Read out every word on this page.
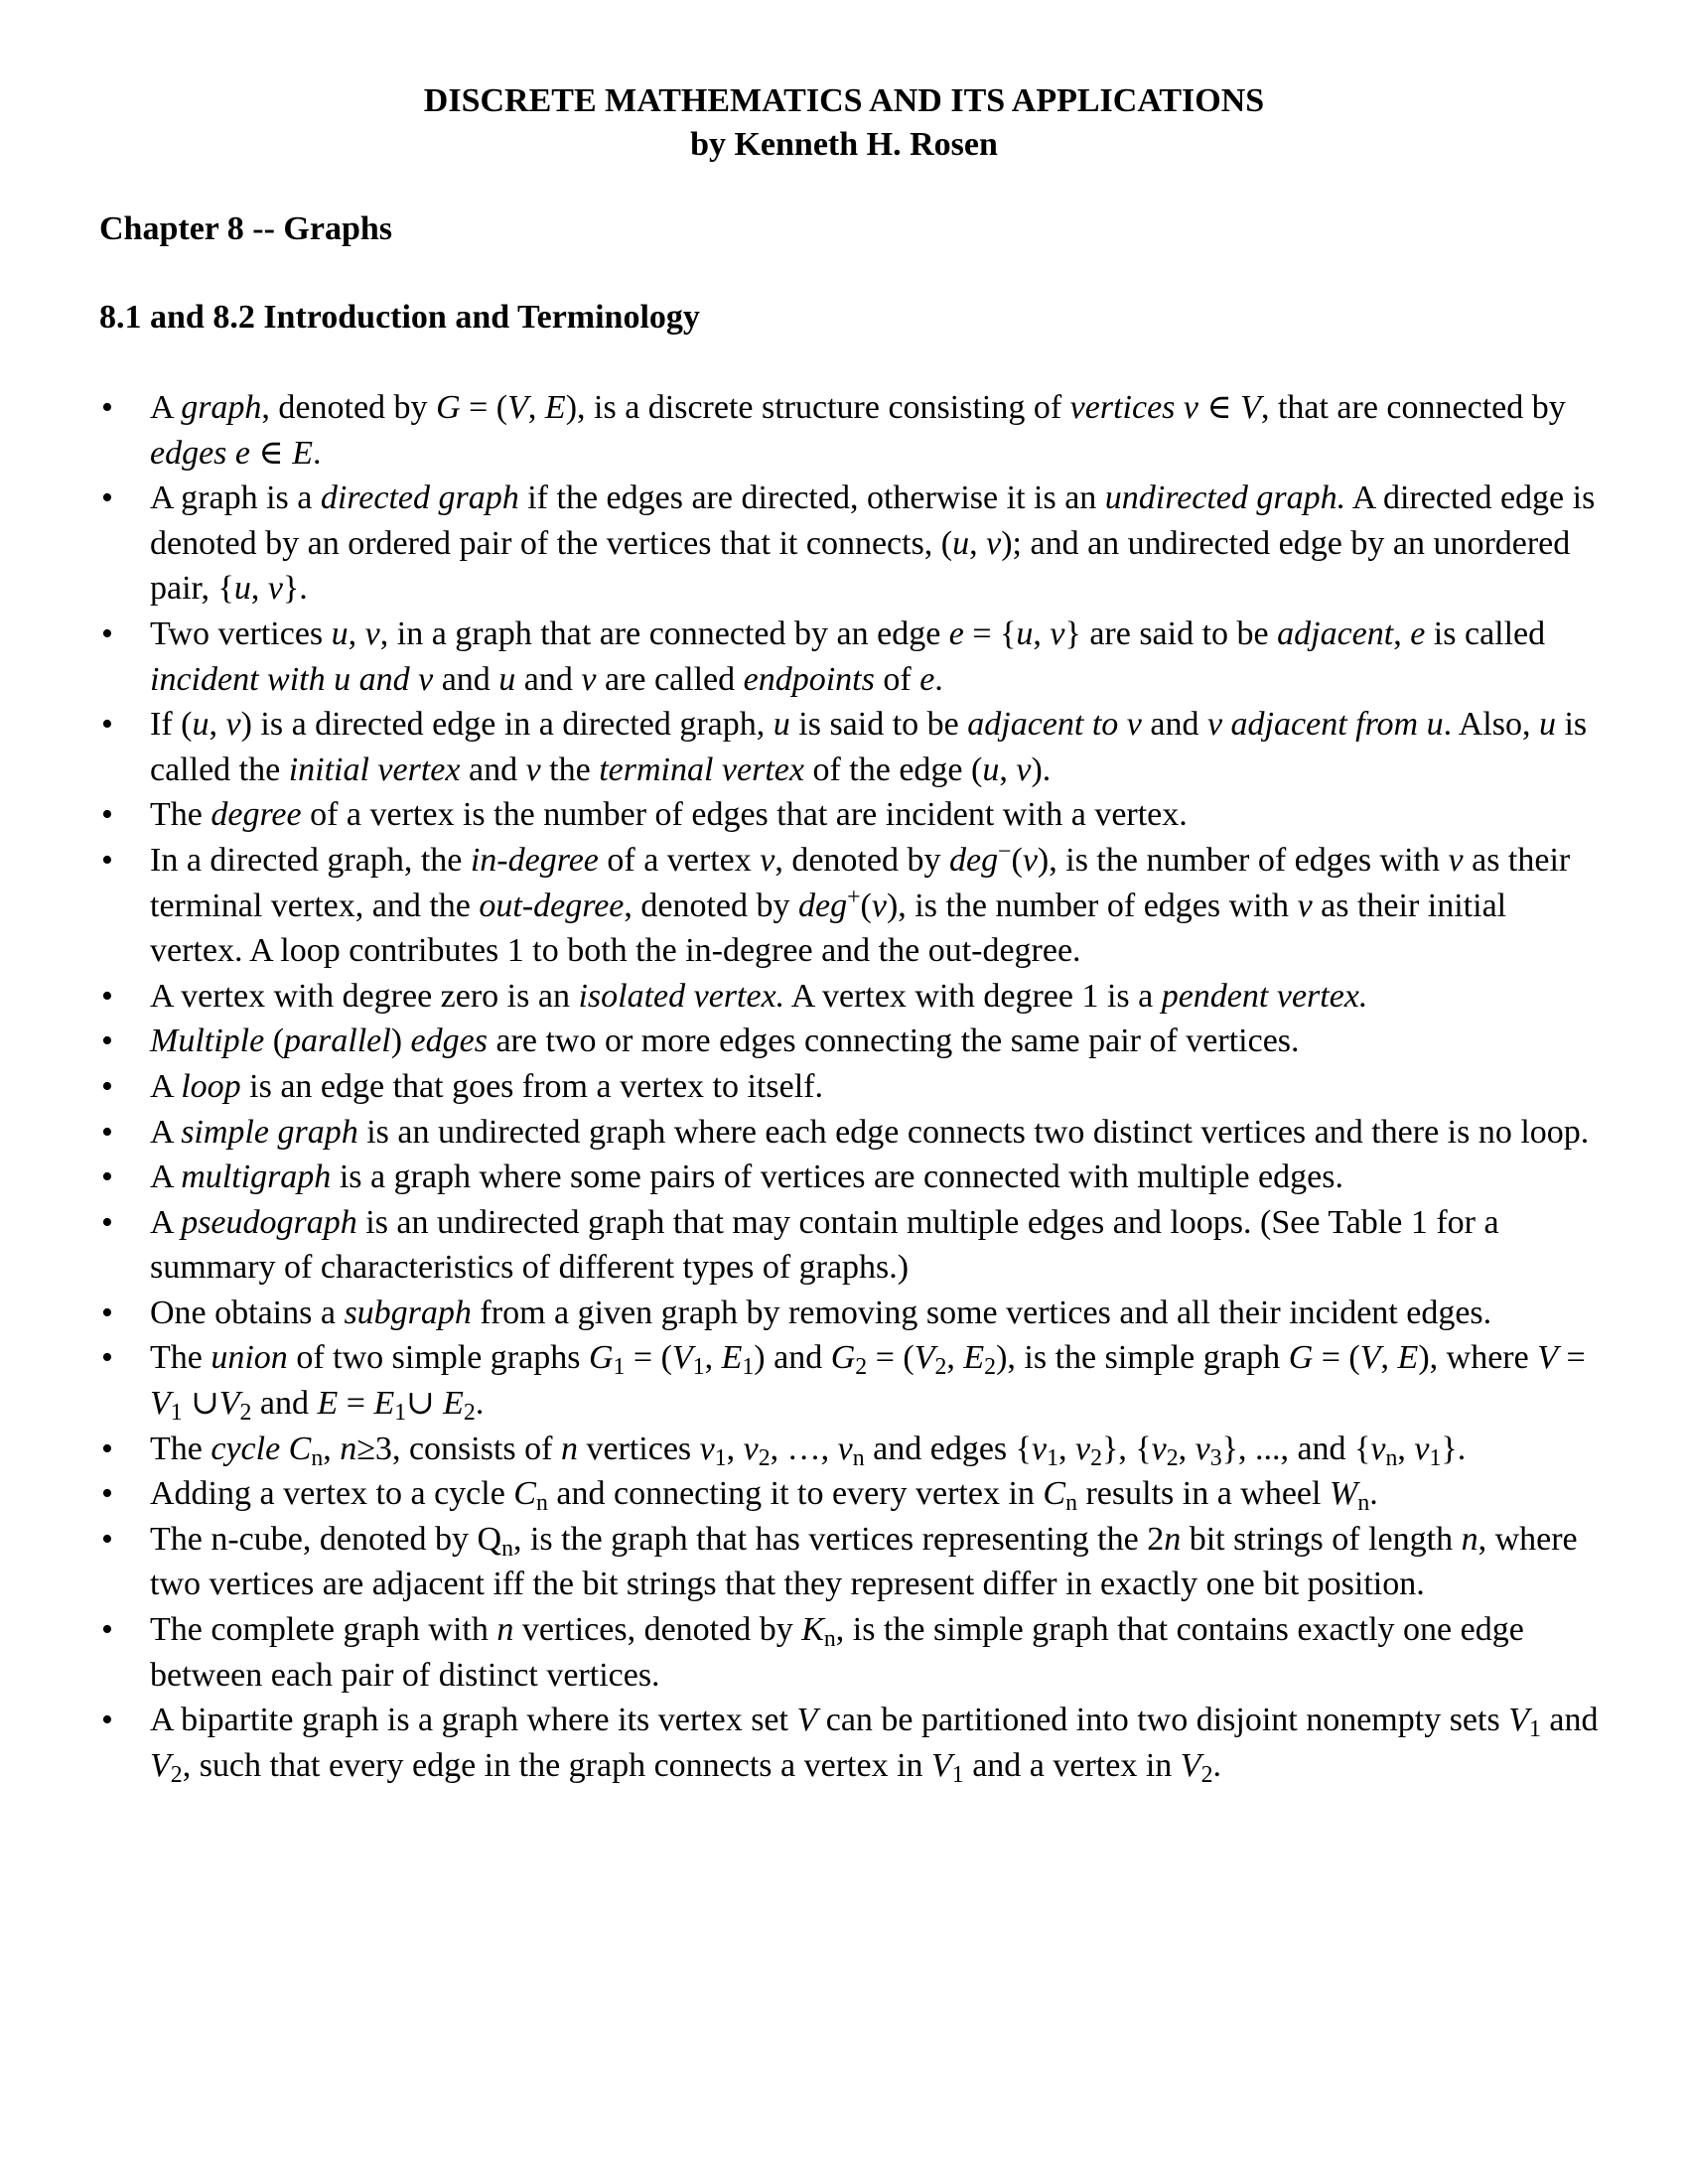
DISCRETE MATHEMATICS AND ITS APPLICATIONS
by Kenneth H. Rosen
Chapter 8 -- Graphs
8.1 and 8.2 Introduction and Terminology
• A graph, denoted by G = (V, E), is a discrete structure consisting of vertices v ∈ V, that are connected by edges e ∈ E.
• A graph is a directed graph if the edges are directed, otherwise it is an undirected graph. A directed edge is denoted by an ordered pair of the vertices that it connects, (u, v); and an undirected edge by an unordered pair, {u, v}.
• Two vertices u, v, in a graph that are connected by an edge e = {u, v} are said to be adjacent, e is called incident with u and v and u and v are called endpoints of e.
• If (u, v) is a directed edge in a directed graph, u is said to be adjacent to v and v adjacent from u. Also, u is called the initial vertex and v the terminal vertex of the edge (u, v).
• The degree of a vertex is the number of edges that are incident with a vertex.
• In a directed graph, the in-degree of a vertex v, denoted by deg−(v), is the number of edges with v as their terminal vertex, and the out-degree, denoted by deg+(v), is the number of edges with v as their initial vertex. A loop contributes 1 to both the in-degree and the out-degree.
• A vertex with degree zero is an isolated vertex. A vertex with degree 1 is a pendent vertex.
• Multiple (parallel) edges are two or more edges connecting the same pair of vertices.
• A loop is an edge that goes from a vertex to itself.
• A simple graph is an undirected graph where each edge connects two distinct vertices and there is no loop.
• A multigraph is a graph where some pairs of vertices are connected with multiple edges.
• A pseudograph is an undirected graph that may contain multiple edges and loops. (See Table 1 for a summary of characteristics of different types of graphs.)
• One obtains a subgraph from a given graph by removing some vertices and all their incident edges.
• The union of two simple graphs $G_1 = (V_1$, $E_1$) and $G_2 = (V_2$, $E_2$), is the simple graph G = (V, E), where $V = V_1$ $\cup V_2$ and $E = E_1\cup$ $E_2$.
• The cycle $C_n$, n≥3, consists of n vertices $v_1$, $v_2$, …, $v_n$ and edges {$v_1$, $v_2$}, {$v_2$, $v_3$}, ..., and {$v_n$, $v_1$}.
• Adding a vertex to a cycle $C_n$ and connecting it to every vertex in $C_n$ results in a wheel $W_n$.
• The n-cube, denoted by $Q_n$, is the graph that has vertices representing the 2n bit strings of length n, where two vertices are adjacent iff the bit strings that they represent differ in exactly one bit position.
• The complete graph with n vertices, denoted by $K_n$, is the simple graph that contains exactly one edge between each pair of distinct vertices.
• A bipartite graph is a graph where its vertex set V can be partitioned into two disjoint nonempty sets $V_1$ and $V_2$, such that every edge in the graph connects a vertex in $V_1$ and a vertex in $V_2$.
